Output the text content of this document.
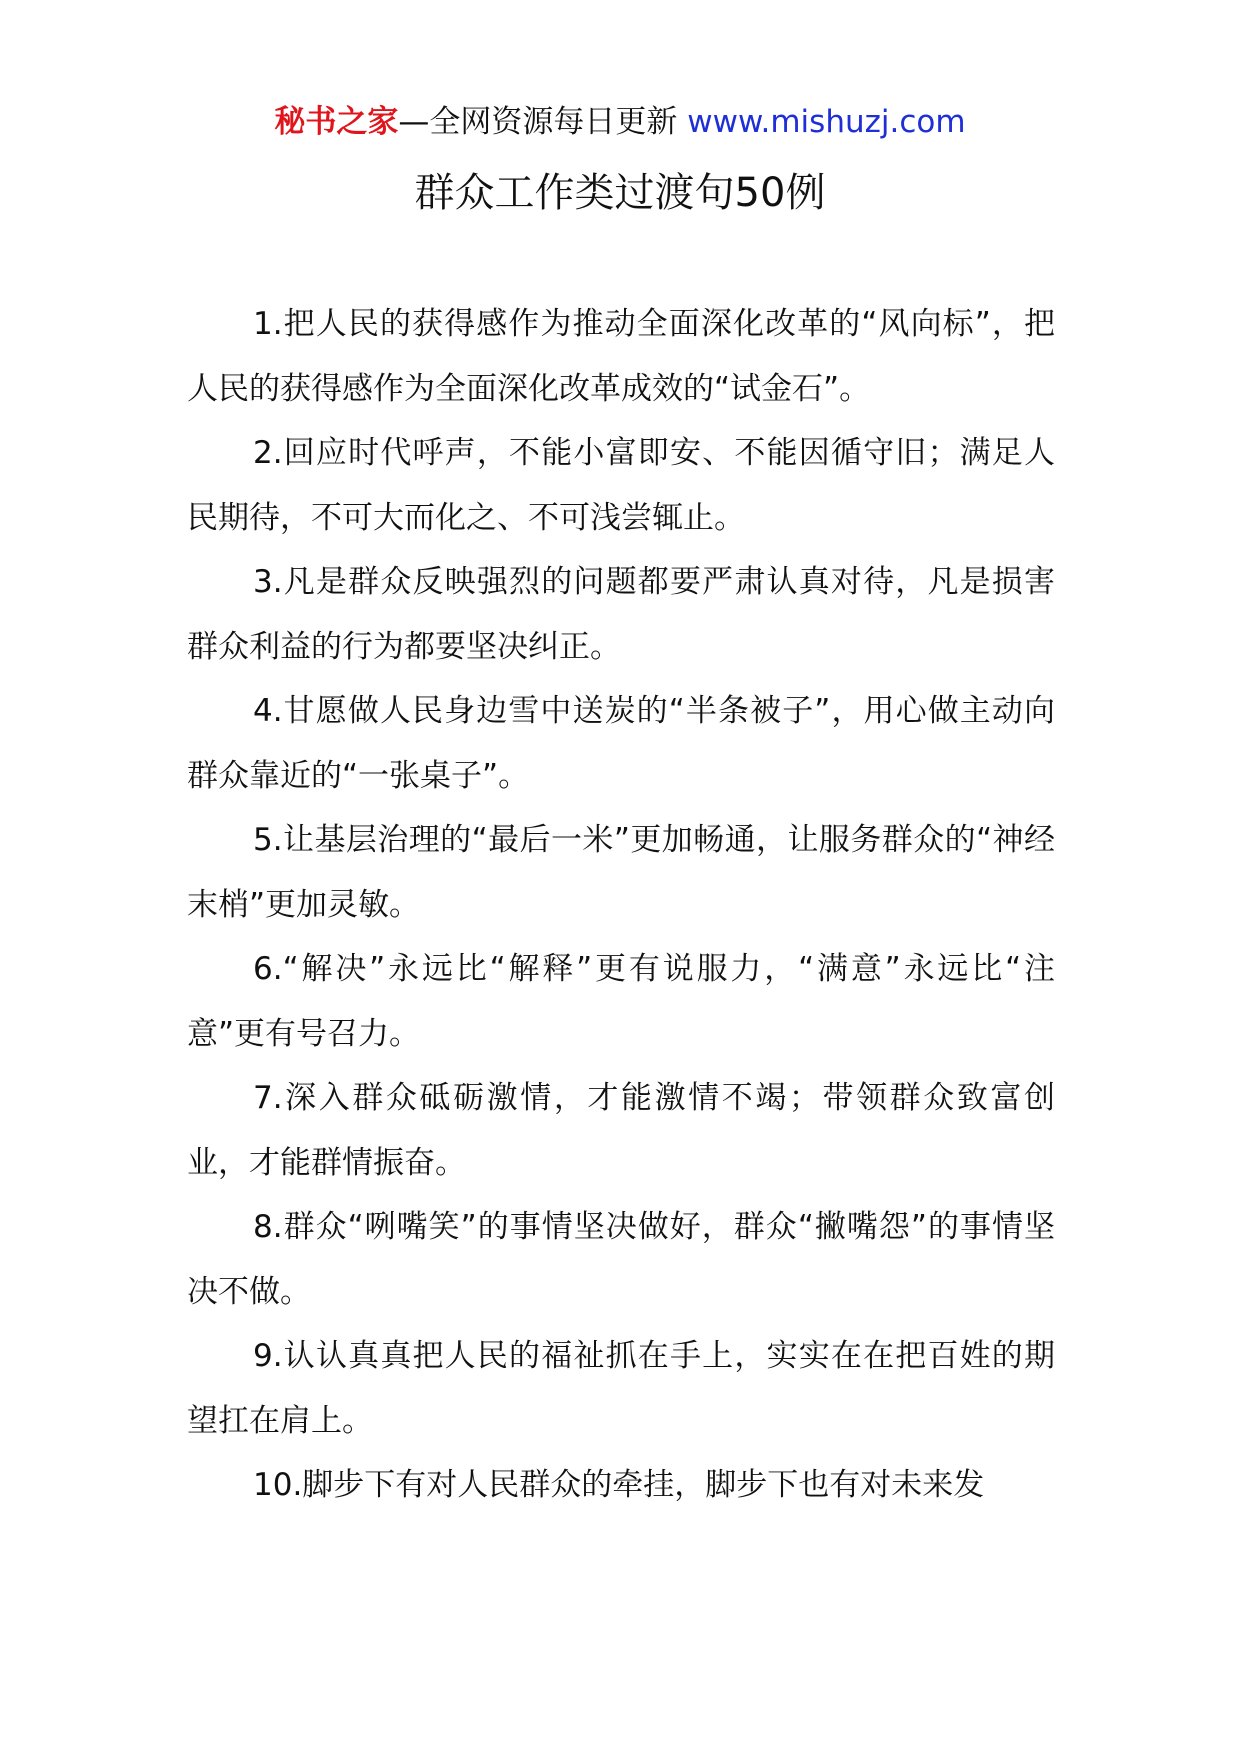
秘书之家—全网资源每日更新 www.mishuzj.com
群众工作类过渡句50例

1.把人民的获得感作为推动全面深化改革的“风向标”，把人民的获得感作为全面深化改革成效的“试金石”。

2.回应时代呼声，不能小富即安、不能因循守旧；满足人民期待，不可大而化之、不可浅尝辄止。

3.凡是群众反映强烈的问题都要严肃认真对待，凡是损害群众利益的行为都要坚决纠正。

4.甘愿做人民身边雪中送炭的“半条被子”，用心做主动向群众靠近的“一张桌子”。

5.让基层治理的“最后一米”更加畅通，让服务群众的“神经末梢”更加灵敏。

6.“解决”永远比“解释”更有说服力，“满意”永远比“注意”更有号召力。

7.深入群众砥砺激情，才能激情不竭；带领群众致富创业，才能群情振奋。

8.群众“咧嘴笑”的事情坚决做好，群众“撇嘴怨”的事情坚决不做。

9.认认真真把人民的福祉抓在手上，实实在在把百姓的期望扛在肩上。

10.脚步下有对人民群众的牵挂，脚步下也有对未来发
